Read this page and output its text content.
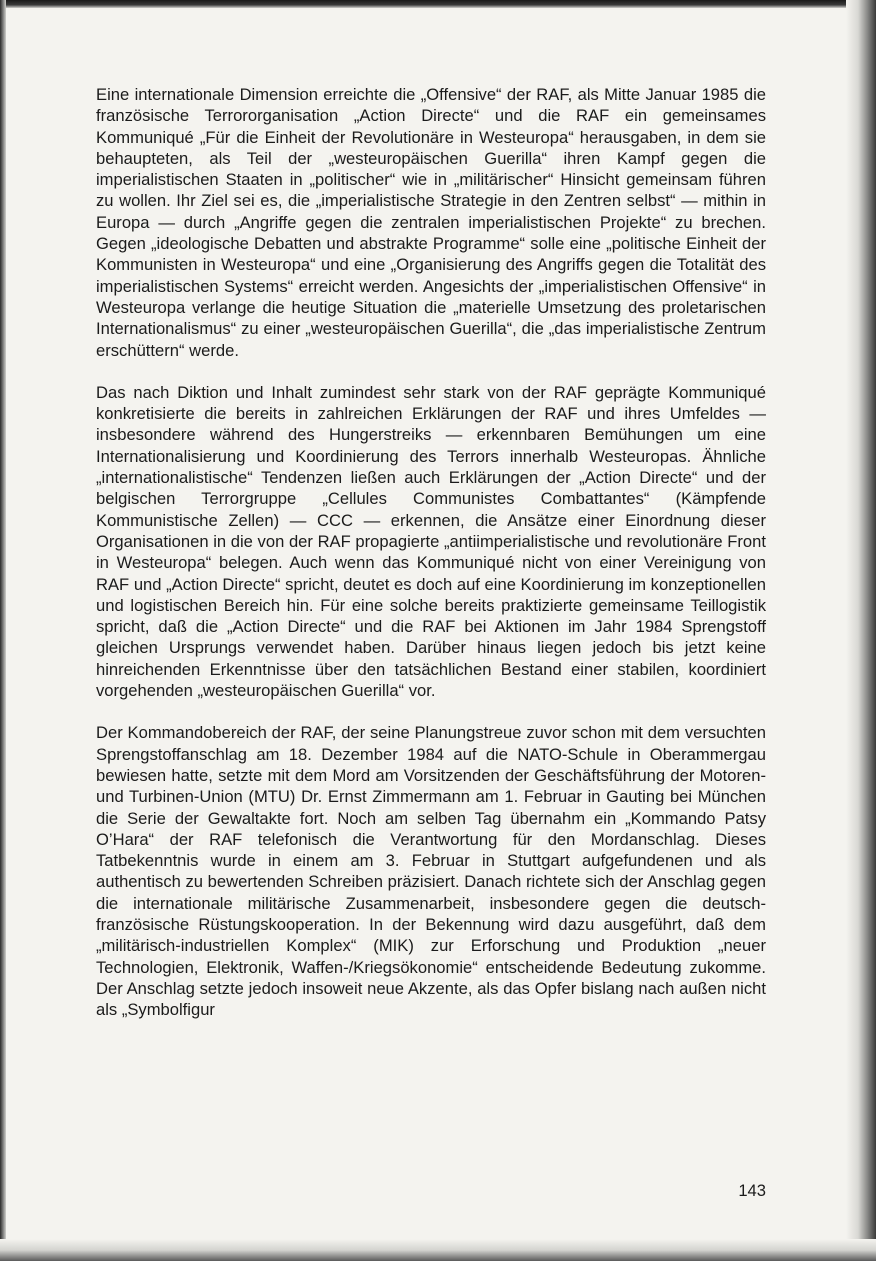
Eine internationale Dimension erreichte die „Offensive“ der RAF, als Mitte Januar 1985 die französische Terrororganisation „Action Directe“ und die RAF ein gemeinsames Kommuniqué „Für die Einheit der Revolutionäre in Westeuropa“ herausgaben, in dem sie behaupteten, als Teil der „westeuropäischen Guerilla“ ihren Kampf gegen die imperialistischen Staaten in „politischer“ wie in „militärischer“ Hinsicht gemeinsam führen zu wollen. Ihr Ziel sei es, die „imperialistische Strategie in den Zentren selbst“ — mithin in Europa — durch „Angriffe gegen die zentralen imperialistischen Projekte“ zu brechen. Gegen „ideologische Debatten und abstrakte Programme“ solle eine „politische Einheit der Kommunisten in Westeuropa“ und eine „Organisierung des Angriffs gegen die Totalität des imperialistischen Systems“ erreicht werden. Angesichts der „imperialistischen Offensive“ in Westeuropa verlange die heutige Situation die „materielle Umsetzung des proletarischen Internationalismus“ zu einer „westeuropäischen Guerilla“, die „das imperialistische Zentrum erschüttern“ werde.

Das nach Diktion und Inhalt zumindest sehr stark von der RAF geprägte Kommuniqué konkretisierte die bereits in zahlreichen Erklärungen der RAF und ihres Umfeldes — insbesondere während des Hungerstreiks — erkennbaren Bemühungen um eine Internationalisierung und Koordinierung des Terrors innerhalb Westeuropas. Ähnliche „internationalistische“ Tendenzen ließen auch Erklärungen der „Action Directe“ und der belgischen Terrorgruppe „Cellules Communistes Combattantes“ (Kämpfende Kommunistische Zellen) — CCC — erkennen, die Ansätze einer Einordnung dieser Organisationen in die von der RAF propagierte „antiimperialistische und revolutionäre Front in Westeuropa“ belegen. Auch wenn das Kommuniqué nicht von einer Vereinigung von RAF und „Action Directe“ spricht, deutet es doch auf eine Koordinierung im konzeptionellen und logistischen Bereich hin. Für eine solche bereits praktizierte gemeinsame Teillogistik spricht, daß die „Action Directe“ und die RAF bei Aktionen im Jahr 1984 Sprengstoff gleichen Ursprungs verwendet haben. Darüber hinaus liegen jedoch bis jetzt keine hinreichenden Erkenntnisse über den tatsächlichen Bestand einer stabilen, koordiniert vorgehenden „westeuropäischen Guerilla“ vor.

Der Kommandobereich der RAF, der seine Planungstreue zuvor schon mit dem versuchten Sprengstoffanschlag am 18. Dezember 1984 auf die NATO-Schule in Oberammergau bewiesen hatte, setzte mit dem Mord am Vorsitzenden der Geschäftsführung der Motoren- und Turbinen-Union (MTU) Dr. Ernst Zimmermann am 1. Februar in Gauting bei München die Serie der Gewaltakte fort. Noch am selben Tag übernahm ein „Kommando Patsy O’Hara“ der RAF telefonisch die Verantwortung für den Mordanschlag. Dieses Tatbekenntnis wurde in einem am 3. Februar in Stuttgart aufgefundenen und als authentisch zu bewertenden Schreiben präzisiert. Danach richtete sich der Anschlag gegen die internationale militärische Zusammenarbeit, insbesondere gegen die deutsch-französische Rüstungskooperation. In der Bekennung wird dazu ausgeführt, daß dem „militärisch-industriellen Komplex“ (MIK) zur Erforschung und Produktion „neuer Technologien, Elektronik, Waffen-/Kriegsökonomie“ entscheidende Bedeutung zukomme. Der Anschlag setzte jedoch insoweit neue Akzente, als das Opfer bislang nach außen nicht als „Symbolfigur

143
